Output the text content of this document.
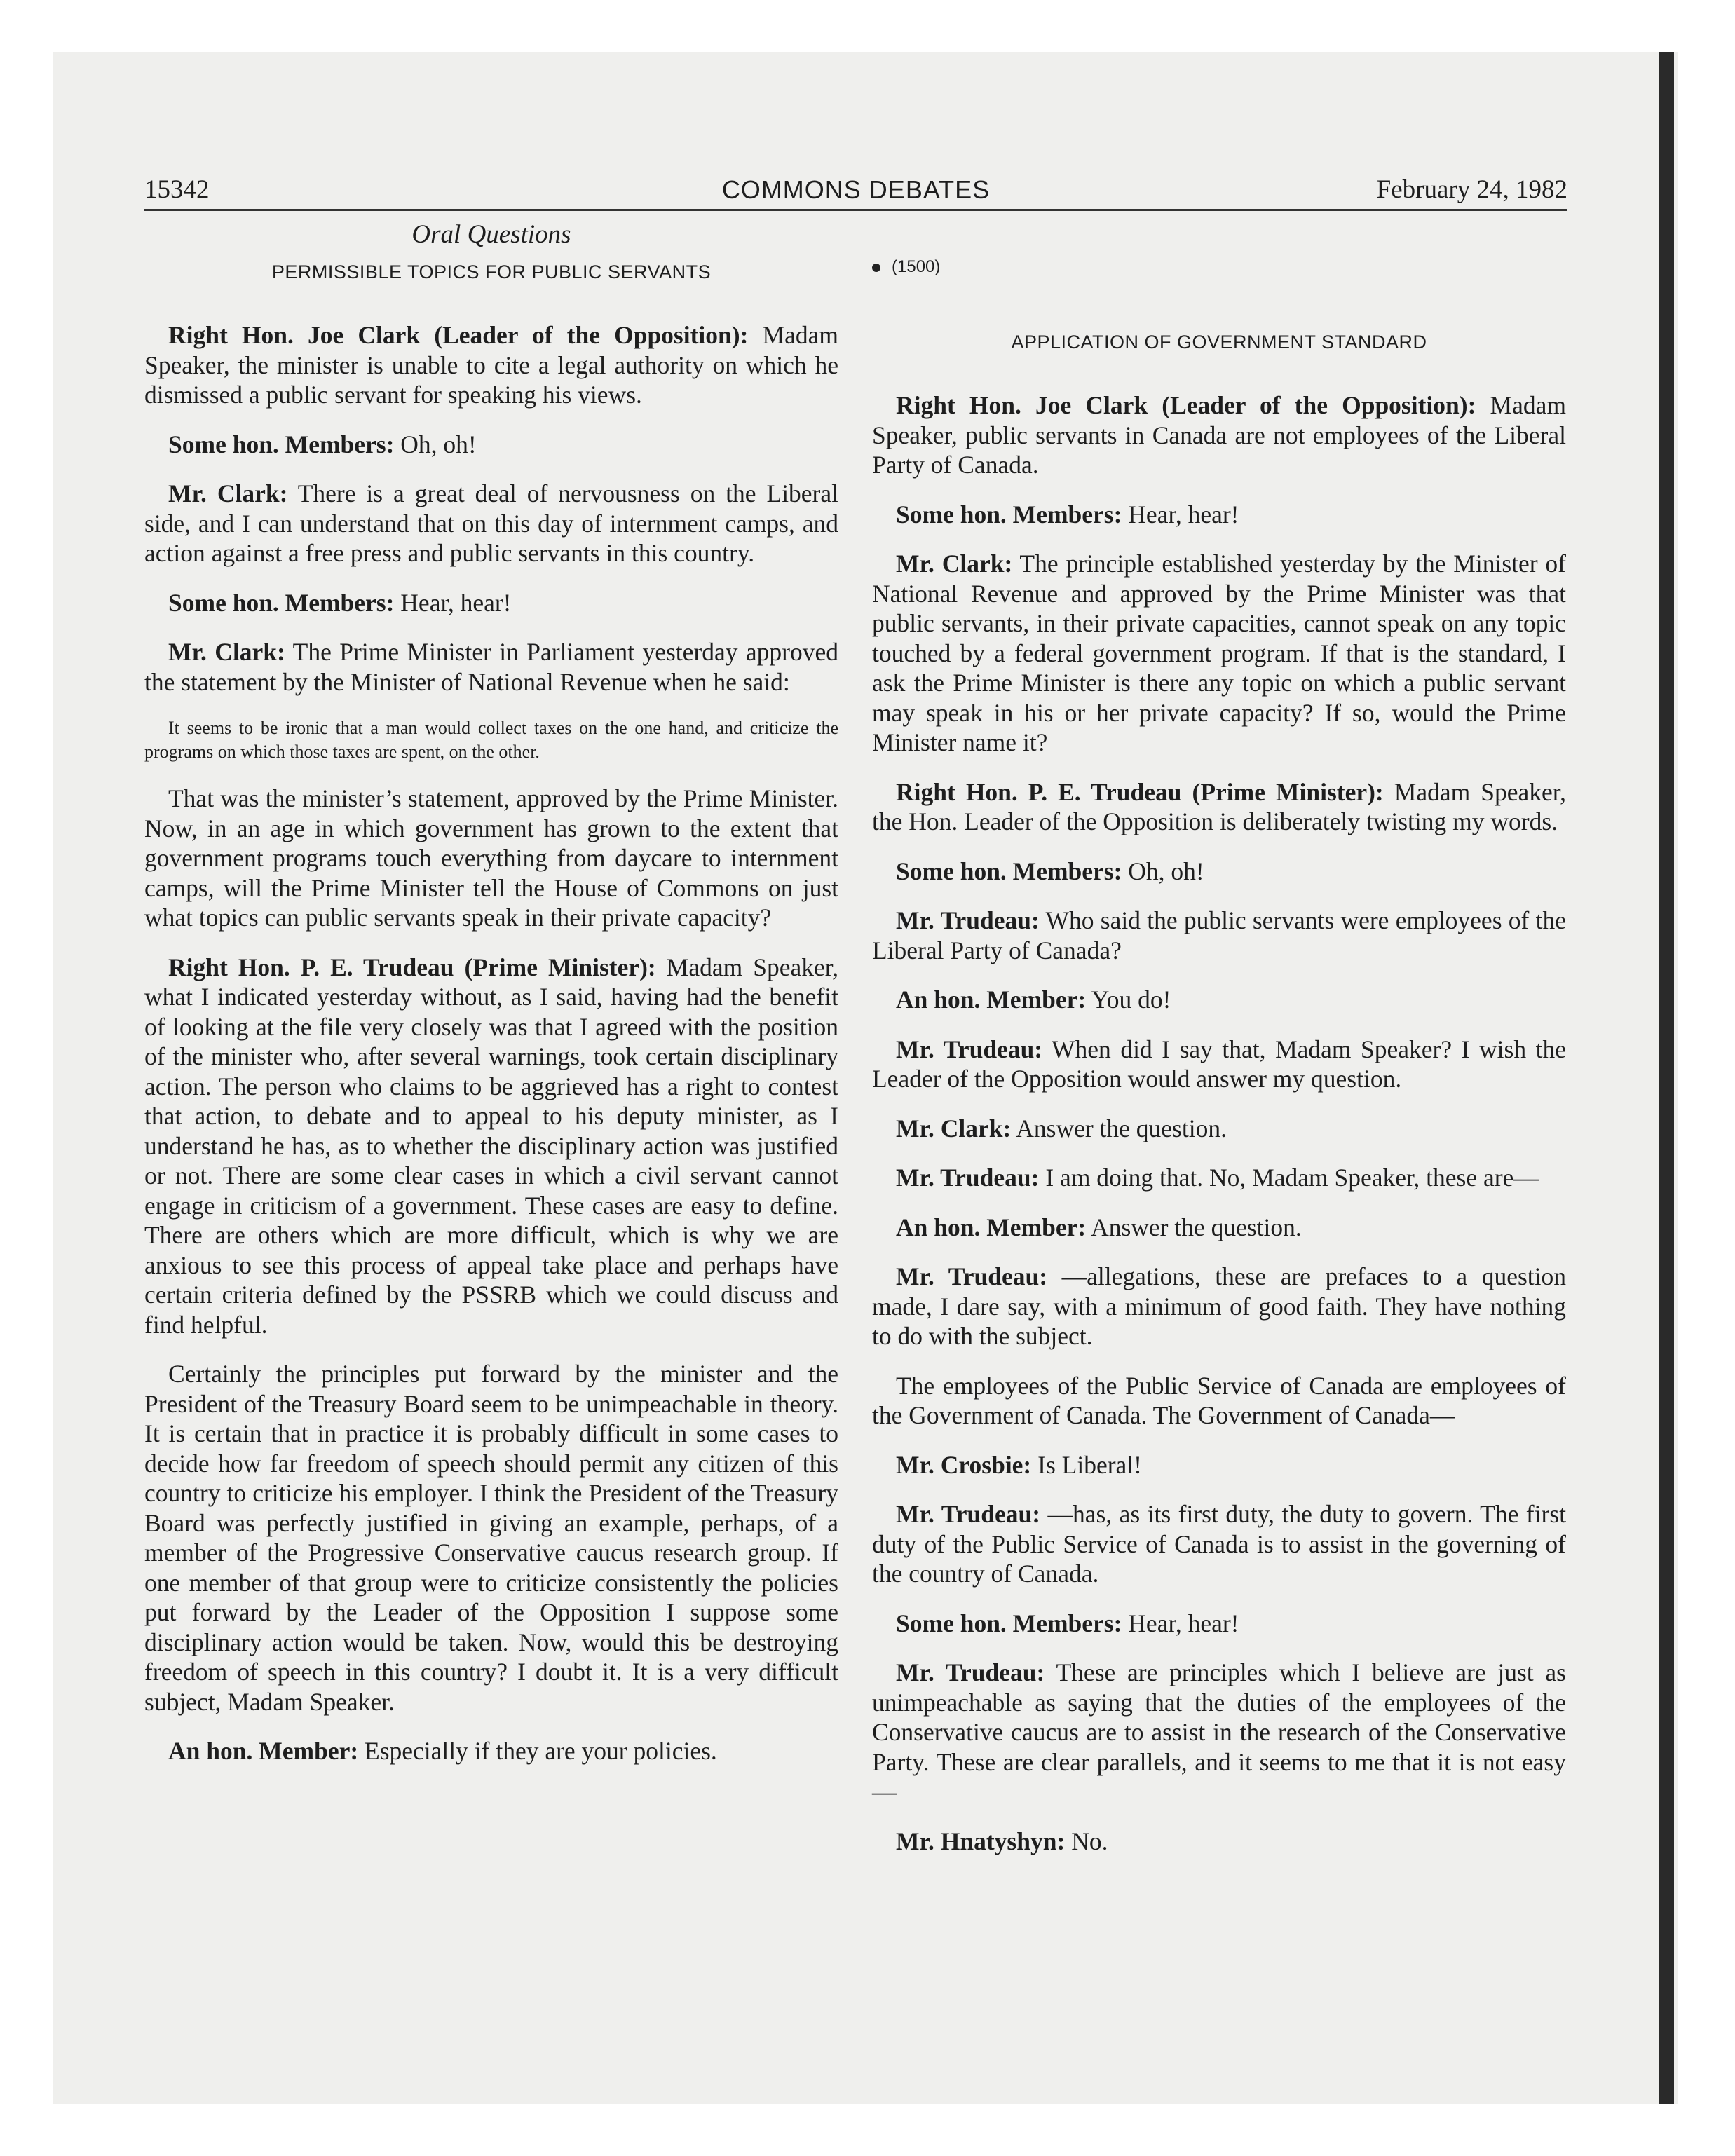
15342	COMMONS DEBATES	February 24, 1982

Oral Questions

PERMISSIBLE TOPICS FOR PUBLIC SERVANTS

Right Hon. Joe Clark (Leader of the Opposition): Madam Speaker, the minister is unable to cite a legal authority on which he dismissed a public servant for speaking his views.

Some hon. Members: Oh, oh!

Mr. Clark: There is a great deal of nervousness on the Liberal side, and I can understand that on this day of internment camps, and action against a free press and public servants in this country.

Some hon. Members: Hear, hear!

Mr. Clark: The Prime Minister in Parliament yesterday approved the statement by the Minister of National Revenue when he said:

It seems to be ironic that a man would collect taxes on the one hand, and criticize the programs on which those taxes are spent, on the other.

That was the minister’s statement, approved by the Prime Minister. Now, in an age in which government has grown to the extent that government programs touch everything from daycare to internment camps, will the Prime Minister tell the House of Commons on just what topics can public servants speak in their private capacity?

Right Hon. P. E. Trudeau (Prime Minister): Madam Speaker, what I indicated yesterday without, as I said, having had the benefit of looking at the file very closely was that I agreed with the position of the minister who, after several warnings, took certain disciplinary action. The person who claims to be aggrieved has a right to contest that action, to debate and to appeal to his deputy minister, as I understand he has, as to whether the disciplinary action was justified or not. There are some clear cases in which a civil servant cannot engage in criticism of a government. These cases are easy to define. There are others which are more difficult, which is why we are anxious to see this process of appeal take place and perhaps have certain criteria defined by the PSSRB which we could discuss and find helpful.

Certainly the principles put forward by the minister and the President of the Treasury Board seem to be unimpeachable in theory. It is certain that in practice it is probably difficult in some cases to decide how far freedom of speech should permit any citizen of this country to criticize his employer. I think the President of the Treasury Board was perfectly justified in giving an example, perhaps, of a member of the Progressive Conservative caucus research group. If one member of that group were to criticize consistently the policies put forward by the Leader of the Opposition I suppose some disciplinary action would be taken. Now, would this be destroying freedom of speech in this country? I doubt it. It is a very difficult subject, Madam Speaker.

An hon. Member: Especially if they are your policies.

(1500)

APPLICATION OF GOVERNMENT STANDARD

Right Hon. Joe Clark (Leader of the Opposition): Madam Speaker, public servants in Canada are not employees of the Liberal Party of Canada.

Some hon. Members: Hear, hear!

Mr. Clark: The principle established yesterday by the Minister of National Revenue and approved by the Prime Minister was that public servants, in their private capacities, cannot speak on any topic touched by a federal government program. If that is the standard, I ask the Prime Minister is there any topic on which a public servant may speak in his or her private capacity? If so, would the Prime Minister name it?

Right Hon. P. E. Trudeau (Prime Minister): Madam Speaker, the Hon. Leader of the Opposition is deliberately twisting my words.

Some hon. Members: Oh, oh!

Mr. Trudeau: Who said the public servants were employees of the Liberal Party of Canada?

An hon. Member: You do!

Mr. Trudeau: When did I say that, Madam Speaker? I wish the Leader of the Opposition would answer my question.

Mr. Clark: Answer the question.

Mr. Trudeau: I am doing that. No, Madam Speaker, these are—

An hon. Member: Answer the question.

Mr. Trudeau: —allegations, these are prefaces to a question made, I dare say, with a minimum of good faith. They have nothing to do with the subject.

The employees of the Public Service of Canada are employees of the Government of Canada. The Government of Canada—

Mr. Crosbie: Is Liberal!

Mr. Trudeau: —has, as its first duty, the duty to govern. The first duty of the Public Service of Canada is to assist in the governing of the country of Canada.

Some hon. Members: Hear, hear!

Mr. Trudeau: These are principles which I believe are just as unimpeachable as saying that the duties of the employees of the Conservative caucus are to assist in the research of the Conservative Party. These are clear parallels, and it seems to me that it is not easy—

Mr. Hnatyshyn: No.
